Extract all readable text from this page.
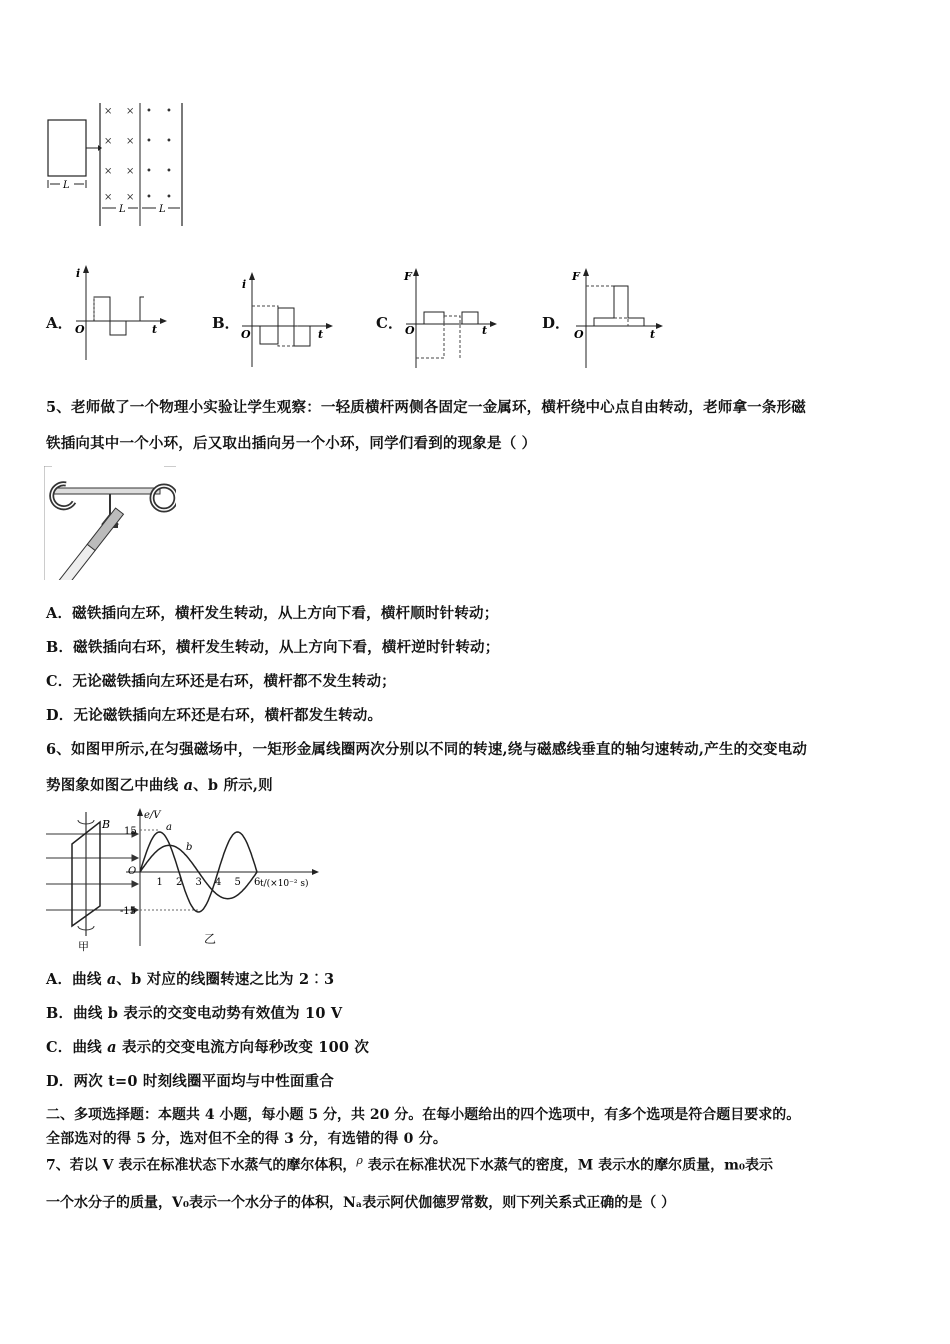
L
× ×
× ×
× ×
× ×
• •
• •
• •
• •
L	L
A．
i
t
O	B．
i
t
O
C．
F
t
O	D．
F
t
O
5、老师做了一个物理小实验让学生观察：一轻质横杆两侧各固定一金属环，横杆绕中心点自由转动，老师拿一条形磁
铁插向其中一个小环，后又取出插向另一个小环，同学们看到的现象是（ ）
A．磁铁插向左环，横杆发生转动，从上方向下看，横杆顺时针转动；
B．磁铁插向右环，横杆发生转动，从上方向下看，横杆逆时针转动；
C．无论磁铁插向左环还是右环，横杆都不发生转动；
D．无论磁铁插向左环还是右环，横杆都发生转动。
6、如图甲所示,在匀强磁场中，一矩形金属线圈两次分别以不同的转速,绕与磁感线垂直的轴匀速转动,产生的交变电动
势图象如图乙中曲线 a、b 所示,则
B
甲
e/V
15
-15
O
a
b
1 2 3 4 5 6 t/(×10⁻² s)
乙
A．曲线 a、b 对应的线圈转速之比为 2︰3
B．曲线 b 表示的交变电动势有效值为 10 V
C．曲线 a 表示的交变电流方向每秒改变 100 次
D．两次 t=0 时刻线圈平面均与中性面重合
二、多项选择题：本题共 4 小题，每小题 5 分，共 20 分。在每小题给出的四个选项中，有多个选项是符合题目要求的。
全部选对的得 5 分，选对但不全的得 3 分，有选错的得 0 分。
7、若以 V 表示在标准状态下水蒸气的摩尔体积，$^\rho$ 表示在标准状况下水蒸气的密度，M 表示水的摩尔质量，m₀表示
一个水分子的质量，V₀表示一个水分子的体积，Nₐ表示阿伏伽德罗常数，则下列关系式正确的是（ ）
